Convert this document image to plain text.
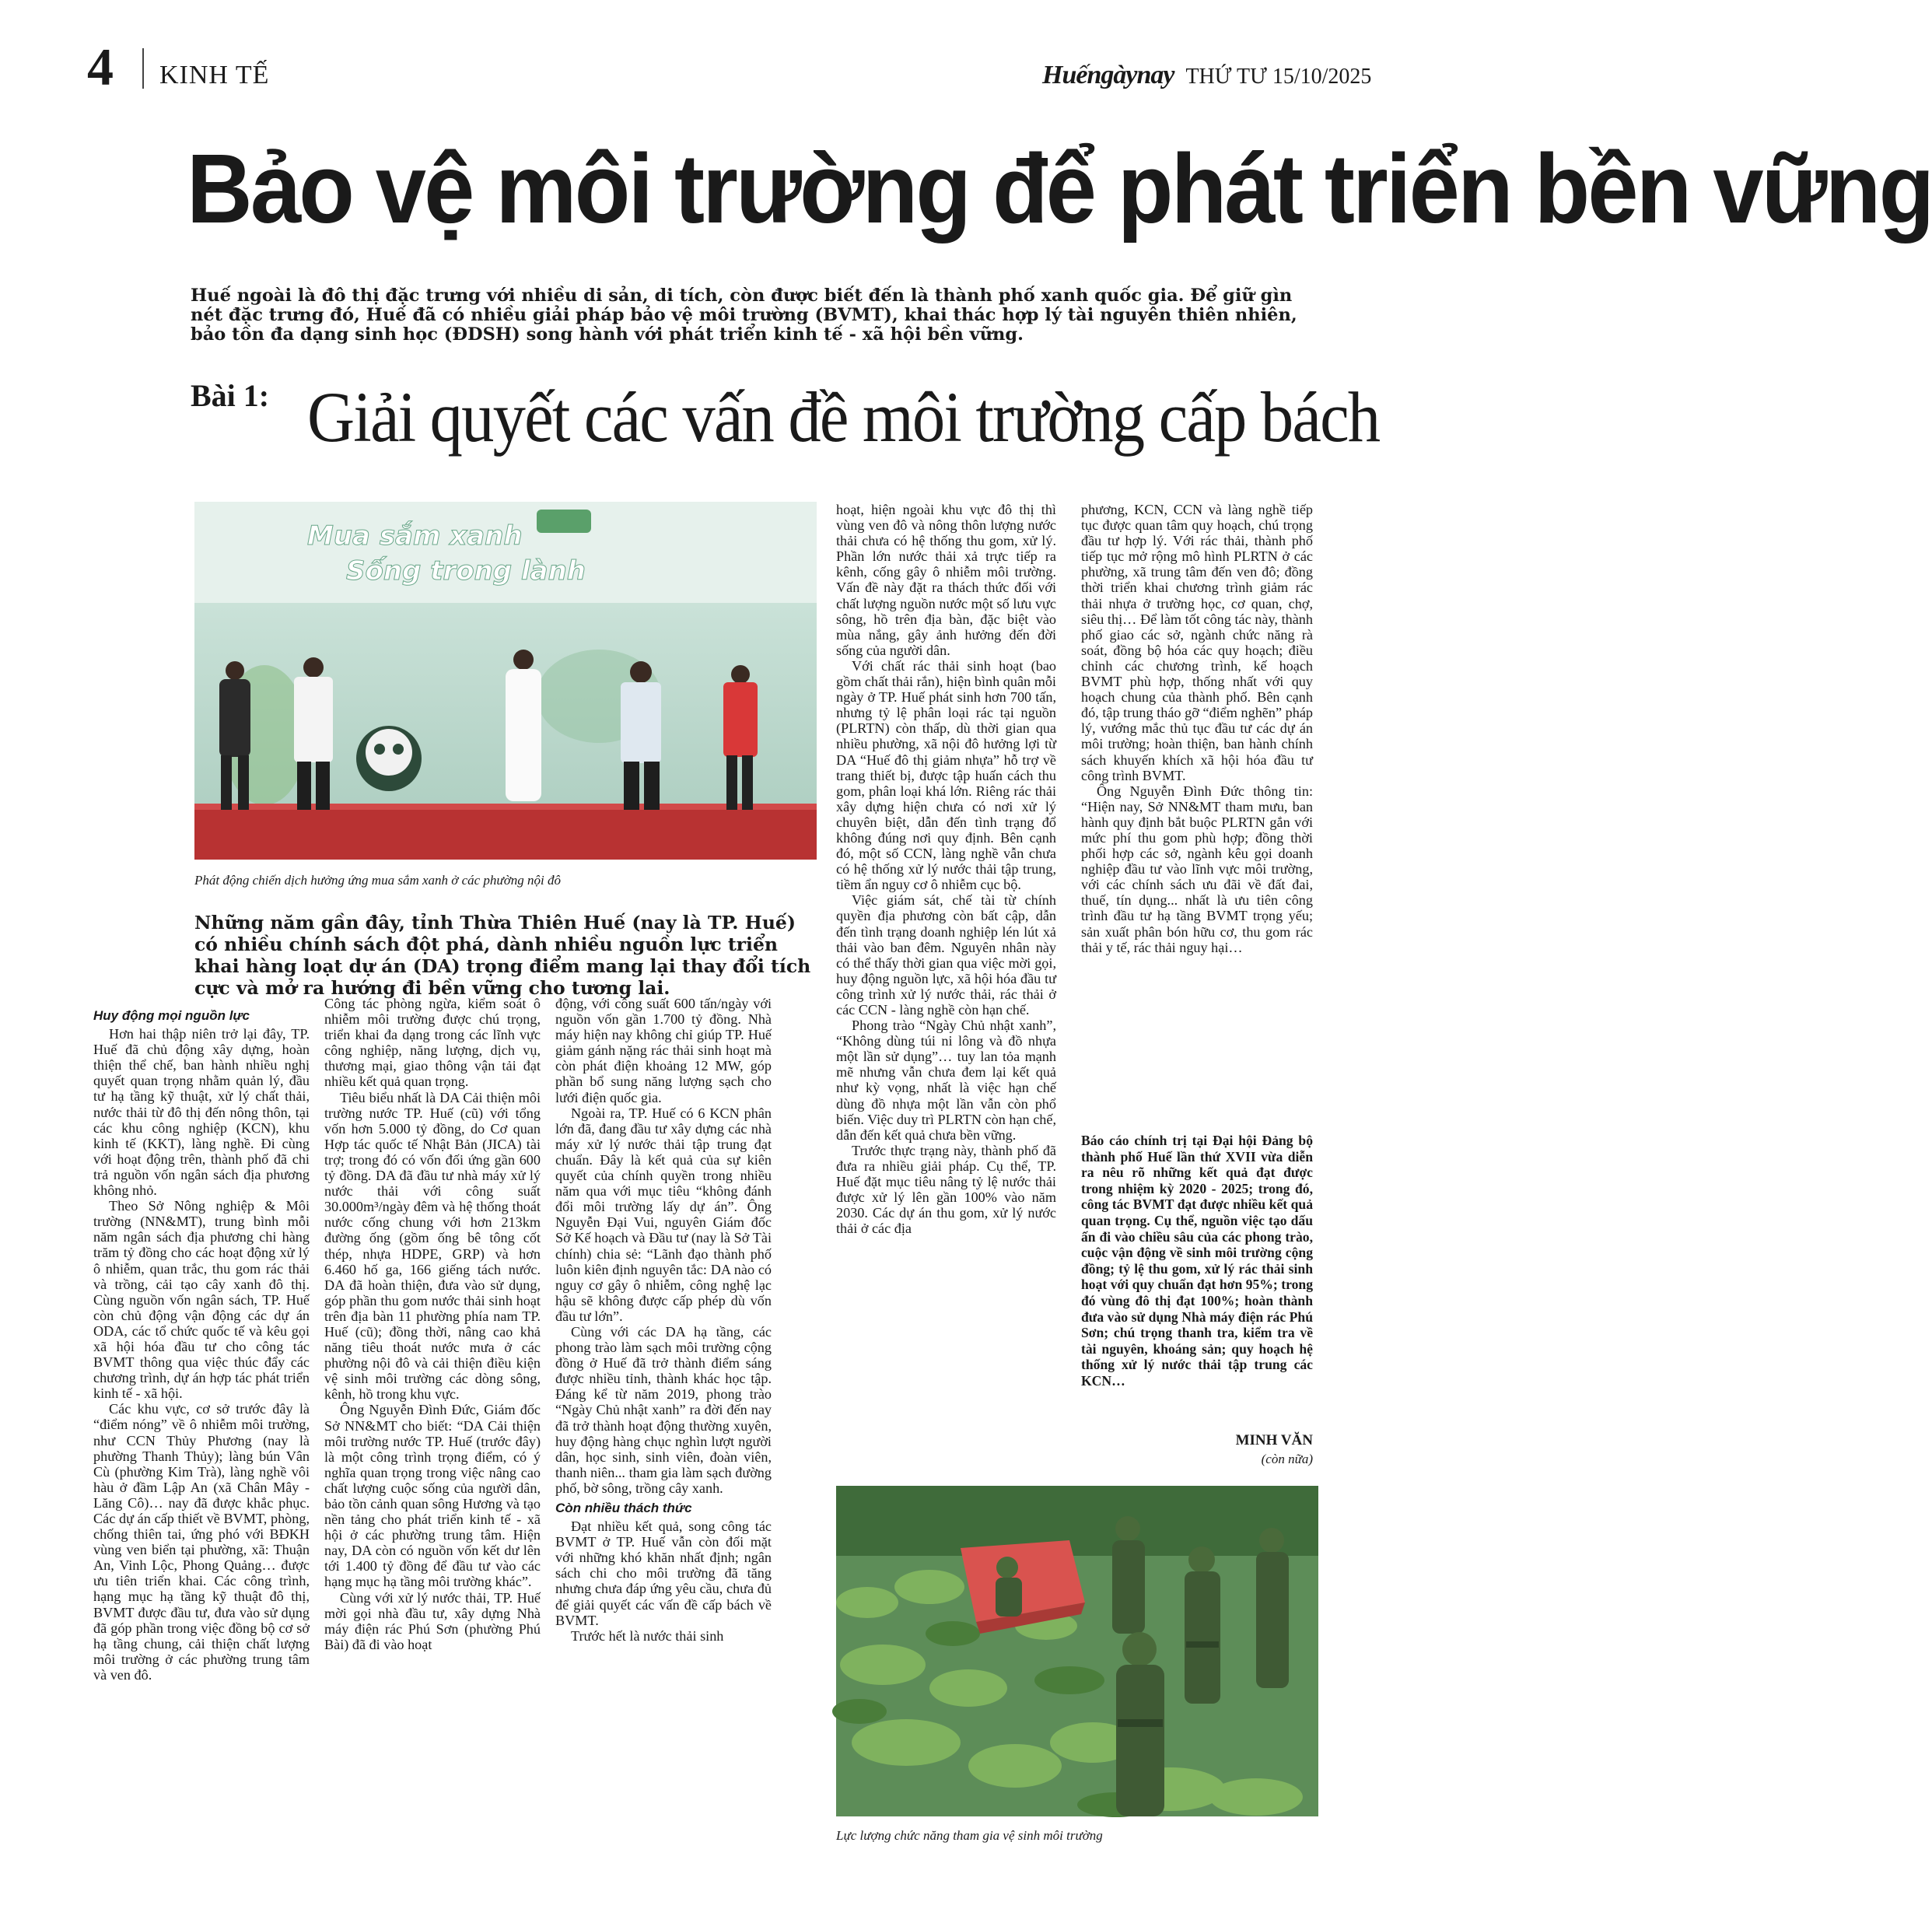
4 KINH TẾ	Huếngàynay THỨ TƯ 15/10/2025
Bảo vệ môi trường để phát triển bền vững
Huế ngoài là đô thị đặc trưng với nhiều di sản, di tích, còn được biết đến là thành phố xanh quốc gia. Để giữ gìn nét đặc trưng đó, Huế đã có nhiều giải pháp bảo vệ môi trường (BVMT), khai thác hợp lý tài nguyên thiên nhiên, bảo tồn đa dạng sinh học (ĐDSH) song hành với phát triển kinh tế - xã hội bền vững.
Bài 1: Giải quyết các vấn đề môi trường cấp bách
Mua sắm xanh
Sống trong lành
Phát động chiến dịch hưởng ứng mua sắm xanh ở các phường nội đô
Những năm gần đây, tỉnh Thừa Thiên Huế (nay là TP. Huế) có nhiều chính sách đột phá, dành nhiều nguồn lực triển khai hàng loạt dự án (DA) trọng điểm mang lại thay đổi tích cực và mở ra hướng đi bền vững cho tương lai.
Huy động mọi nguồn lực

Hơn hai thập niên trở lại đây, TP. Huế đã chủ động xây dựng, hoàn thiện thể chế, ban hành nhiều nghị quyết quan trọng nhằm quản lý, đầu tư hạ tầng kỹ thuật, xử lý chất thải, nước thải từ đô thị đến nông thôn, tại các khu công nghiệp (KCN), khu kinh tế (KKT), làng nghề. Đi cùng với hoạt động trên, thành phố đã chi trả nguồn vốn ngân sách địa phương không nhỏ.

Theo Sở Nông nghiệp & Môi trường (NN&MT), trung bình mỗi năm ngân sách địa phương chi hàng trăm tỷ đồng cho các hoạt động xử lý ô nhiễm, quan trắc, thu gom rác thải và trồng, cải tạo cây xanh đô thị. Cùng nguồn vốn ngân sách, TP. Huế còn chủ động vận động các dự án ODA, các tổ chức quốc tế và kêu gọi xã hội hóa đầu tư cho công tác BVMT thông qua việc thúc đẩy các chương trình, dự án hợp tác phát triển kinh tế - xã hội.

Các khu vực, cơ sở trước đây là “điểm nóng” về ô nhiễm môi trường, như CCN Thủy Phương (nay là phường Thanh Thủy); làng bún Vân Cù (phường Kim Trà), làng nghề vôi hàu ở đầm Lập An (xã Chân Mây - Lăng Cô)… nay đã được khắc phục. Các dự án cấp thiết về BVMT, phòng, chống thiên tai, ứng phó với BĐKH vùng ven biển tại phường, xã: Thuận An, Vinh Lộc, Phong Quảng… được ưu tiên triển khai. Các công trình, hạng mục hạ tầng kỹ thuật đô thị, BVMT được đầu tư, đưa vào sử dụng đã góp phần trong việc đồng bộ cơ sở hạ tầng chung, cải thiện chất lượng môi trường ở các phường trung tâm và ven đô.

Công tác phòng ngừa, kiểm soát ô nhiễm môi trường được chú trọng, triển khai đa dạng trong các lĩnh vực công nghiệp, năng lượng, dịch vụ, thương mại, giao thông vận tải đạt nhiều kết quả quan trọng.

Tiêu biểu nhất là DA Cải thiện môi trường nước TP. Huế (cũ) với tổng vốn hơn 5.000 tỷ đồng, do Cơ quan Hợp tác quốc tế Nhật Bản (JICA) tài trợ; trong đó có vốn đối ứng gần 600 tỷ đồng. DA đã đầu tư nhà máy xử lý nước thải với công suất 30.000m³/ngày đêm và hệ thống thoát nước cống chung với hơn 213km đường ống (gồm ống bê tông cốt thép, nhựa HDPE, GRP) và hơn 6.460 hố ga, 166 giếng tách nước. DA đã hoàn thiện, đưa vào sử dụng, góp phần thu gom nước thải sinh hoạt trên địa bàn 11 phường phía nam TP. Huế (cũ); đồng thời, nâng cao khả năng tiêu thoát nước mưa ở các phường nội đô và cải thiện điều kiện vệ sinh môi trường các dòng sông, kênh, hồ trong khu vực.

Ông Nguyễn Đình Đức, Giám đốc Sở NN&MT cho biết: “DA Cải thiện môi trường nước TP. Huế (trước đây) là một công trình trọng điểm, có ý nghĩa quan trọng trong việc nâng cao chất lượng cuộc sống của người dân, bảo tồn cảnh quan sông Hương và tạo nền tảng cho phát triển kinh tế - xã hội ở các phường trung tâm. Hiện nay, DA còn có nguồn vốn kết dư lên tới 1.400 tỷ đồng để đầu tư vào các hạng mục hạ tầng môi trường khác”.

Cùng với xử lý nước thải, TP. Huế mời gọi nhà đầu tư, xây dựng Nhà máy điện rác Phú Sơn (phường Phú Bài) đã đi vào hoạt

động, với công suất 600 tấn/ngày với nguồn vốn gần 1.700 tỷ đồng. Nhà máy hiện nay không chỉ giúp TP. Huế giảm gánh nặng rác thải sinh hoạt mà còn phát điện khoảng 12 MW, góp phần bổ sung năng lượng sạch cho lưới điện quốc gia.

Ngoài ra, TP. Huế có 6 KCN phân lớn đã, đang đầu tư xây dựng các nhà máy xử lý nước thải tập trung đạt chuẩn. Đây là kết quả của sự kiên quyết của chính quyền trong nhiều năm qua với mục tiêu “không đánh đổi môi trường lấy dự án”. Ông Nguyễn Đại Vui, nguyên Giám đốc Sở Kế hoạch và Đầu tư (nay là Sở Tài chính) chia sẻ: “Lãnh đạo thành phố luôn kiên định nguyên tắc: DA nào có nguy cơ gây ô nhiễm, công nghệ lạc hậu sẽ không được cấp phép dù vốn đầu tư lớn”.

Cùng với các DA hạ tầng, các phong trào làm sạch môi trường cộng đồng ở Huế đã trở thành điểm sáng được nhiều tỉnh, thành khác học tập. Đáng kể từ năm 2019, phong trào “Ngày Chủ nhật xanh” ra đời đến nay đã trở thành hoạt động thường xuyên, huy động hàng chục nghìn lượt người dân, học sinh, sinh viên, đoàn viên, thanh niên... tham gia làm sạch đường phố, bờ sông, trồng cây xanh.

Còn nhiều thách thức

Đạt nhiều kết quả, song công tác BVMT ở TP. Huế vẫn còn đối mặt với những khó khăn nhất định; ngân sách chi cho môi trường đã tăng nhưng chưa đáp ứng yêu cầu, chưa đủ để giải quyết các vấn đề cấp bách về BVMT.

Trước hết là nước thải sinh

hoạt, hiện ngoài khu vực đô thị thì vùng ven đô và nông thôn lượng nước thải chưa có hệ thống thu gom, xử lý. Phần lớn nước thải xả trực tiếp ra kênh, cống gây ô nhiễm môi trường. Vấn đề này đặt ra thách thức đối với chất lượng nguồn nước một số lưu vực sông, hồ trên địa bàn, đặc biệt vào mùa nắng, gây ảnh hưởng đến đời sống của người dân.

Với chất rác thải sinh hoạt (bao gồm chất thải rắn), hiện bình quân mỗi ngày ở TP. Huế phát sinh hơn 700 tấn, nhưng tỷ lệ phân loại rác tại nguồn (PLRTN) còn thấp, dù thời gian qua nhiều phường, xã nội đô hưởng lợi từ DA “Huế đô thị giảm nhựa” hỗ trợ về trang thiết bị, được tập huấn cách thu gom, phân loại khá lớn. Riêng rác thải xây dựng hiện chưa có nơi xử lý chuyên biệt, dẫn đến tình trạng đổ không đúng nơi quy định. Bên cạnh đó, một số CCN, làng nghề vẫn chưa có hệ thống xử lý nước thải tập trung, tiềm ẩn nguy cơ ô nhiễm cục bộ.

Việc giám sát, chế tài từ chính quyền địa phương còn bất cập, dẫn đến tình trạng doanh nghiệp lén lút xả thải vào ban đêm. Nguyên nhân này có thể thấy thời gian qua việc mời gọi, huy động nguồn lực, xã hội hóa đầu tư công trình xử lý nước thải, rác thải ở các CCN - làng nghề còn hạn chế.

Phong trào “Ngày Chủ nhật xanh”, “Không dùng túi ni lông và đồ nhựa một lần sử dụng”… tuy lan tỏa mạnh mẽ nhưng vẫn chưa đem lại kết quả như kỳ vọng, nhất là việc hạn chế dùng đồ nhựa một lần vẫn còn phổ biến. Việc duy trì PLRTN còn hạn chế, dẫn đến kết quả chưa bền vững.

Trước thực trạng này, thành phố đã đưa ra nhiều giải pháp. Cụ thể, TP. Huế đặt mục tiêu nâng tỷ lệ nước thải được xử lý lên gần 100% vào năm 2030. Các dự án thu gom, xử lý nước thải ở các địa

phương, KCN, CCN và làng nghề tiếp tục được quan tâm quy hoạch, chú trọng đầu tư hợp lý. Với rác thải, thành phố tiếp tục mở rộng mô hình PLRTN ở các phường, xã trung tâm đến ven đô; đồng thời triển khai chương trình giảm rác thải nhựa ở trường học, cơ quan, chợ, siêu thị… Để làm tốt công tác này, thành phố giao các sở, ngành chức năng rà soát, đồng bộ hóa các quy hoạch; điều chỉnh các chương trình, kế hoạch BVMT phù hợp, thống nhất với quy hoạch chung của thành phố. Bên cạnh đó, tập trung tháo gỡ “điểm nghẽn” pháp lý, vướng mắc thủ tục đầu tư các dự án môi trường; hoàn thiện, ban hành chính sách khuyến khích xã hội hóa đầu tư công trình BVMT.

Ông Nguyễn Đình Đức thông tin: “Hiện nay, Sở NN&MT tham mưu, ban hành quy định bắt buộc PLRTN gắn với mức phí thu gom phù hợp; đồng thời phối hợp các sở, ngành kêu gọi doanh nghiệp đầu tư vào lĩnh vực môi trường, với các chính sách ưu đãi về đất đai, thuế, tín dụng... nhất là ưu tiên công trình đầu tư hạ tầng BVMT trọng yếu; sản xuất phân bón hữu cơ, thu gom rác thải y tế, rác thải nguy hại…

Báo cáo chính trị tại Đại hội Đảng bộ thành phố Huế lần thứ XVII vừa diễn ra nêu rõ những kết quả đạt được trong nhiệm kỳ 2020 - 2025; trong đó, công tác BVMT đạt được nhiều kết quả quan trọng. Cụ thể, nguồn việc tạo dấu ấn đi vào chiều sâu của các phong trào, cuộc vận động về sinh môi trường cộng đồng; tỷ lệ thu gom, xử lý rác thải sinh hoạt với quy chuẩn đạt hơn 95%; trong đó vùng đô thị đạt 100%; hoàn thành đưa vào sử dụng Nhà máy điện rác Phú Sơn; chú trọng thanh tra, kiểm tra về tài nguyên, khoáng sản; quy hoạch hệ thống xử lý nước thải tập trung các KCN…
MINH VĂN
(còn nữa)
Lực lượng chức năng tham gia vệ sinh môi trường
